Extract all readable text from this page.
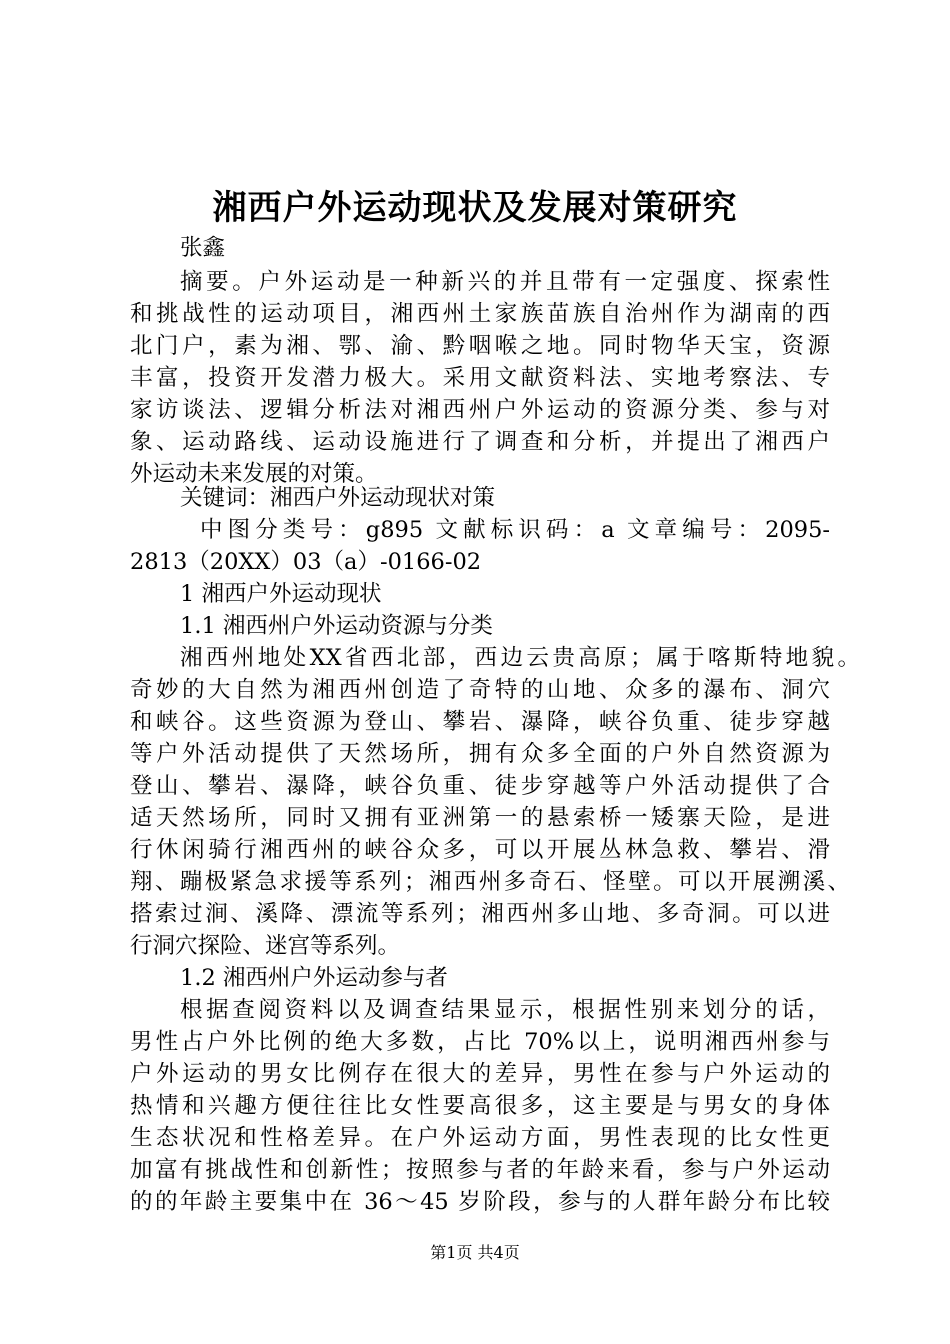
湘西户外运动现状及发展对策研究
张鑫
摘要。户外运动是一种新兴的并且带有一定强度、探索性
和挑战性的运动项目，湘西州土家族苗族自治州作为湖南的西
北门户，素为湘、鄂、渝、黔咽喉之地。同时物华天宝，资源
丰富，投资开发潜力极大。采用文献资料法、实地考察法、专
家访谈法、逻辑分析法对湘西州户外运动的资源分类、参与对
象、运动路线、运动设施进行了调查和分析，并提出了湘西户
外运动未来发展的对策。
关键词：湘西户外运动现状对策
中图分类号：g895 文献标识码：a 文章编号：2095-
2813（20XX）03（a）-0166-02
1 湘西户外运动现状
1.1 湘西州户外运动资源与分类
湘西州地处XX省西北部，西边云贵高原；属于喀斯特地貌。
奇妙的大自然为湘西州创造了奇特的山地、众多的瀑布、洞穴
和峡谷。这些资源为登山、攀岩、瀑降，峡谷负重、徒步穿越
等户外活动提供了天然场所，拥有众多全面的户外自然资源为
登山、攀岩、瀑降，峡谷负重、徒步穿越等户外活动提供了合
适天然场所，同时又拥有亚洲第一的悬索桥一矮寨天险，是进
行休闲骑行湘西州的峡谷众多，可以开展丛林急救、攀岩、滑
翔、蹦极紧急求援等系列；湘西州多奇石、怪壁。可以开展溯溪、
搭索过涧、溪降、漂流等系列；湘西州多山地、多奇洞。可以进
行洞穴探险、迷宫等系列。
1.2 湘西州户外运动参与者
根据查阅资料以及调查结果显示，根据性别来划分的话，
男性占户外比例的绝大多数，占比 70%以上，说明湘西州参与
户外运动的男女比例存在很大的差异，男性在参与户外运动的
热情和兴趣方便往往比女性要高很多，这主要是与男女的身体
生态状况和性格差异。在户外运动方面，男性表现的比女性更
加富有挑战性和创新性；按照参与者的年龄来看，参与户外运动
的的年龄主要集中在 36～45 岁阶段，参与的人群年龄分布比较
第1页 共4页
